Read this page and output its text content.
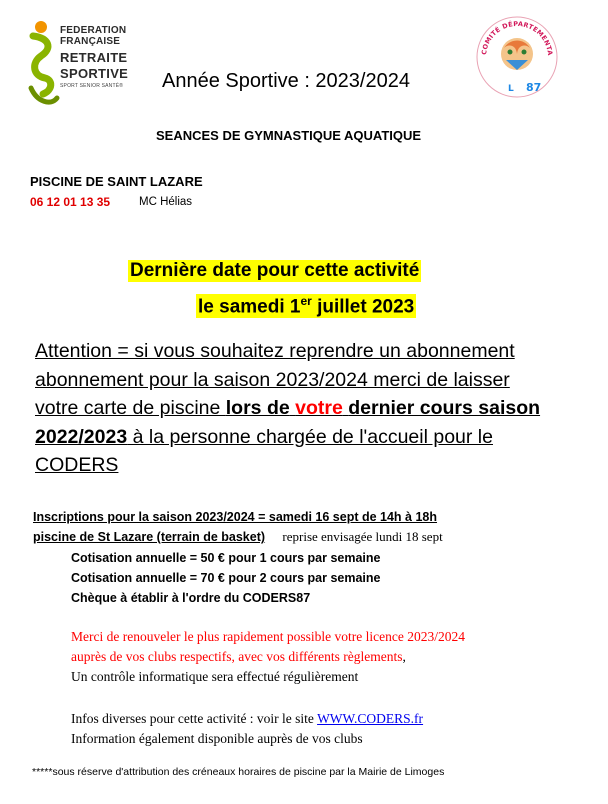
FEDERATION
FRANÇAISE
RETRAITE
SPORTIVE
SPORT SENIOR SANTÉ®
COMITÉ DÉPARTEMENTA
87
L
Année Sportive : 2023/2024
SEANCES DE GYMNASTIQUE AQUATIQUE
PISCINE DE SAINT LAZARE
06 12 01 13 35	MC Hélias
Dernière date pour cette activité
le samedi 1er juillet 2023
Attention = si vous souhaitez reprendre un abonnement
abonnement pour la saison 2023/2024 merci de laisser
votre carte de piscine lors de votre dernier cours saison
2022/2023 à la personne chargée de l'accueil pour le
CODERS
Inscriptions pour la saison 2023/2024 = samedi 16 sept de 14h à 18h
piscine de St Lazare (terrain de basket) reprise envisagée lundi 18 sept
Cotisation annuelle = 50 € pour 1 cours par semaine
Cotisation annuelle = 70 € pour 2 cours par semaine
Chèque à établir à l'ordre du CODERS87
Merci de renouveler le plus rapidement possible votre licence 2023/2024
auprès de vos clubs respectifs, avec vos différents règlements,
Un contrôle informatique sera effectué régulièrement
Infos diverses pour cette activité : voir le site WWW.CODERS.fr
Information également disponible auprès de vos clubs
*****sous réserve d'attribution des créneaux horaires de piscine par la Mairie de Limoges
